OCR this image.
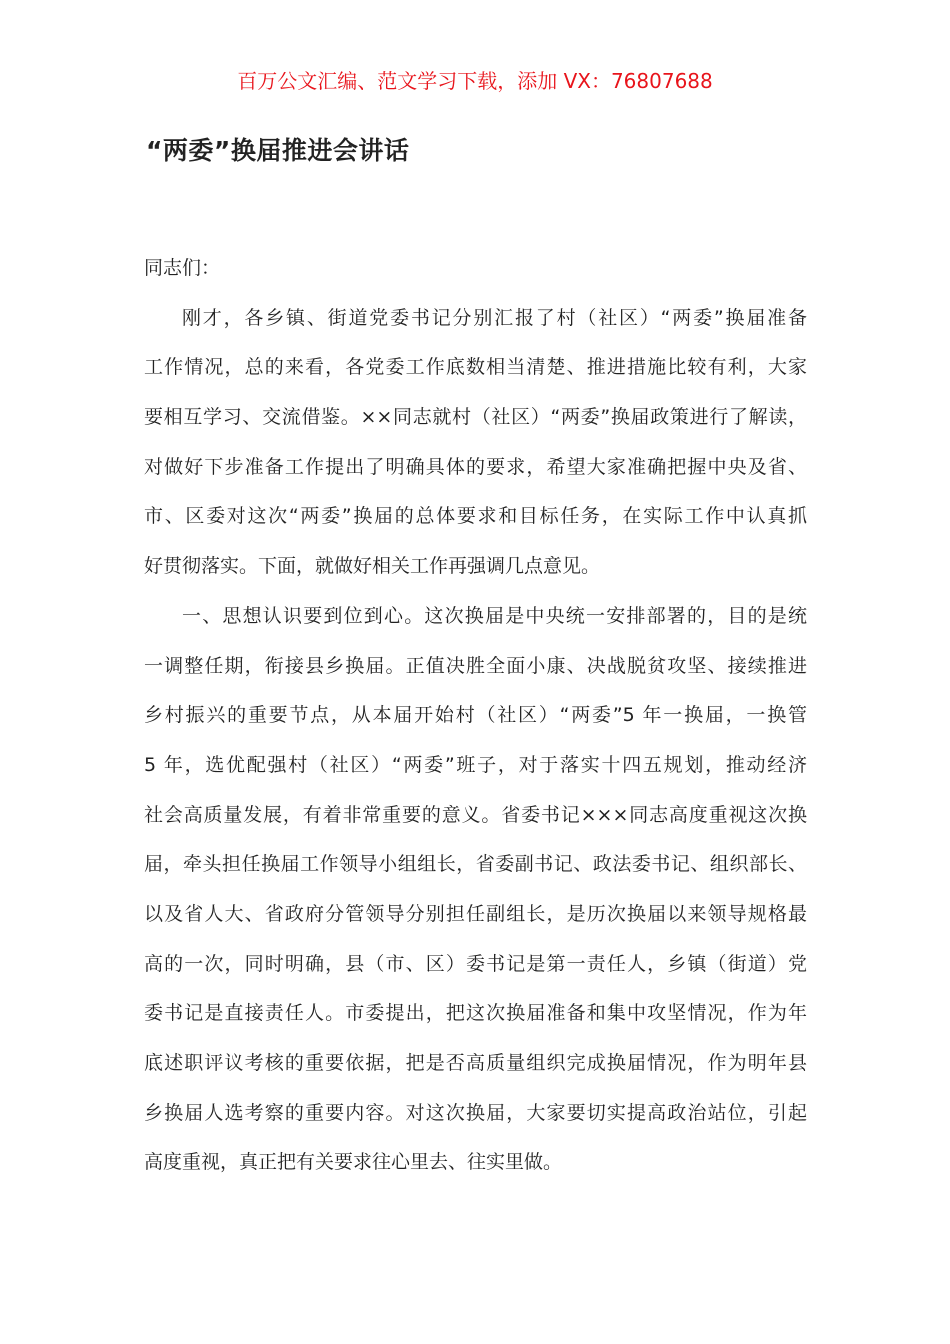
百万公文汇编、范文学习下载，添加 VX：76807688
“两委”换届推进会讲话
同志们：
刚才，各乡镇、街道党委书记分别汇报了村（社区）“两委”换届准备
工作情况，总的来看，各党委工作底数相当清楚、推进措施比较有利，大家
要相互学习、交流借鉴。××同志就村（社区）“两委”换届政策进行了解读，
对做好下步准备工作提出了明确具体的要求，希望大家准确把握中央及省、
市、区委对这次“两委”换届的总体要求和目标任务，在实际工作中认真抓
好贯彻落实。下面，就做好相关工作再强调几点意见。
一、思想认识要到位到心。这次换届是中央统一安排部署的，目的是统
一调整任期，衔接县乡换届。正值决胜全面小康、决战脱贫攻坚、接续推进
乡村振兴的重要节点，从本届开始村（社区）“两委”5 年一换届，一换管
5 年，选优配强村（社区）“两委”班子，对于落实十四五规划，推动经济
社会高质量发展，有着非常重要的意义。省委书记×××同志高度重视这次换
届，牵头担任换届工作领导小组组长，省委副书记、政法委书记、组织部长、
以及省人大、省政府分管领导分别担任副组长，是历次换届以来领导规格最
高的一次，同时明确，县（市、区）委书记是第一责任人，乡镇（街道）党
委书记是直接责任人。市委提出，把这次换届准备和集中攻坚情况，作为年
底述职评议考核的重要依据，把是否高质量组织完成换届情况，作为明年县
乡换届人选考察的重要内容。对这次换届，大家要切实提高政治站位，引起
高度重视，真正把有关要求往心里去、往实里做。
